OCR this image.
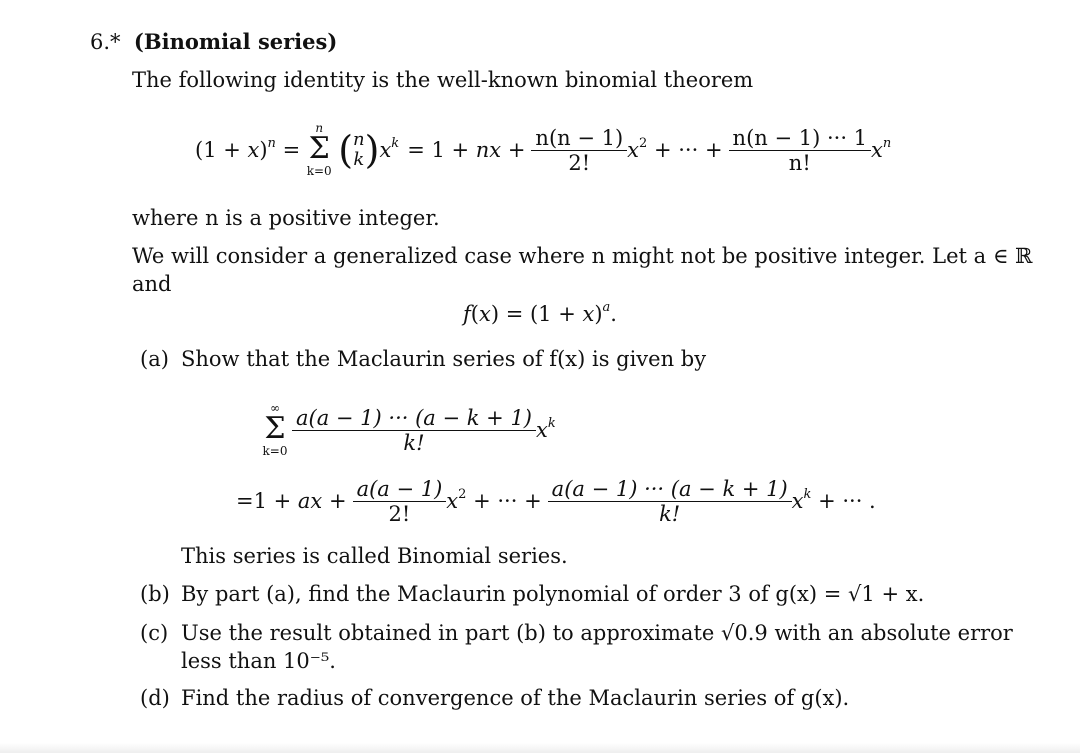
6.* (Binomial series)
The following identity is the well-known binomial theorem
$(1 + x)^n$ =
n
Σ
k=0 ( n
k ) $x^k = 1$ + nx + $\frac{n(n - 1)}{2!} x^2$ + ··· + $\frac{n(n - 1) \cdot\cdot\cdot 1}{n!} x^n$
where n is a positive integer.
We will consider a generalized case where n might not be positive integer. Let a ∈ ℝ
and
$f(x) = (1 + x)^a$.
(a) Show that the Maclaurin series of f(x) is given by
∞
Σ
$k=0 \frac{a(a - 1) \cdot\cdot\cdot (a - k + 1)}{k!} x^k$
=1 + ax + $\frac{a(a - 1)}{2!} x^2$ + ··· + $\frac{a(a - 1) \cdot\cdot\cdot (a - k + 1)}{k!} x^k$ + ··· .
This series is called Binomial series.
(b) By part (a), find the Maclaurin polynomial of order 3 of g(x) = √1 + x.
(c) Use the result obtained in part (b) to approximate √0.9 with an absolute error
less than 10⁻⁵.
(d) Find the radius of convergence of the Maclaurin series of g(x).
